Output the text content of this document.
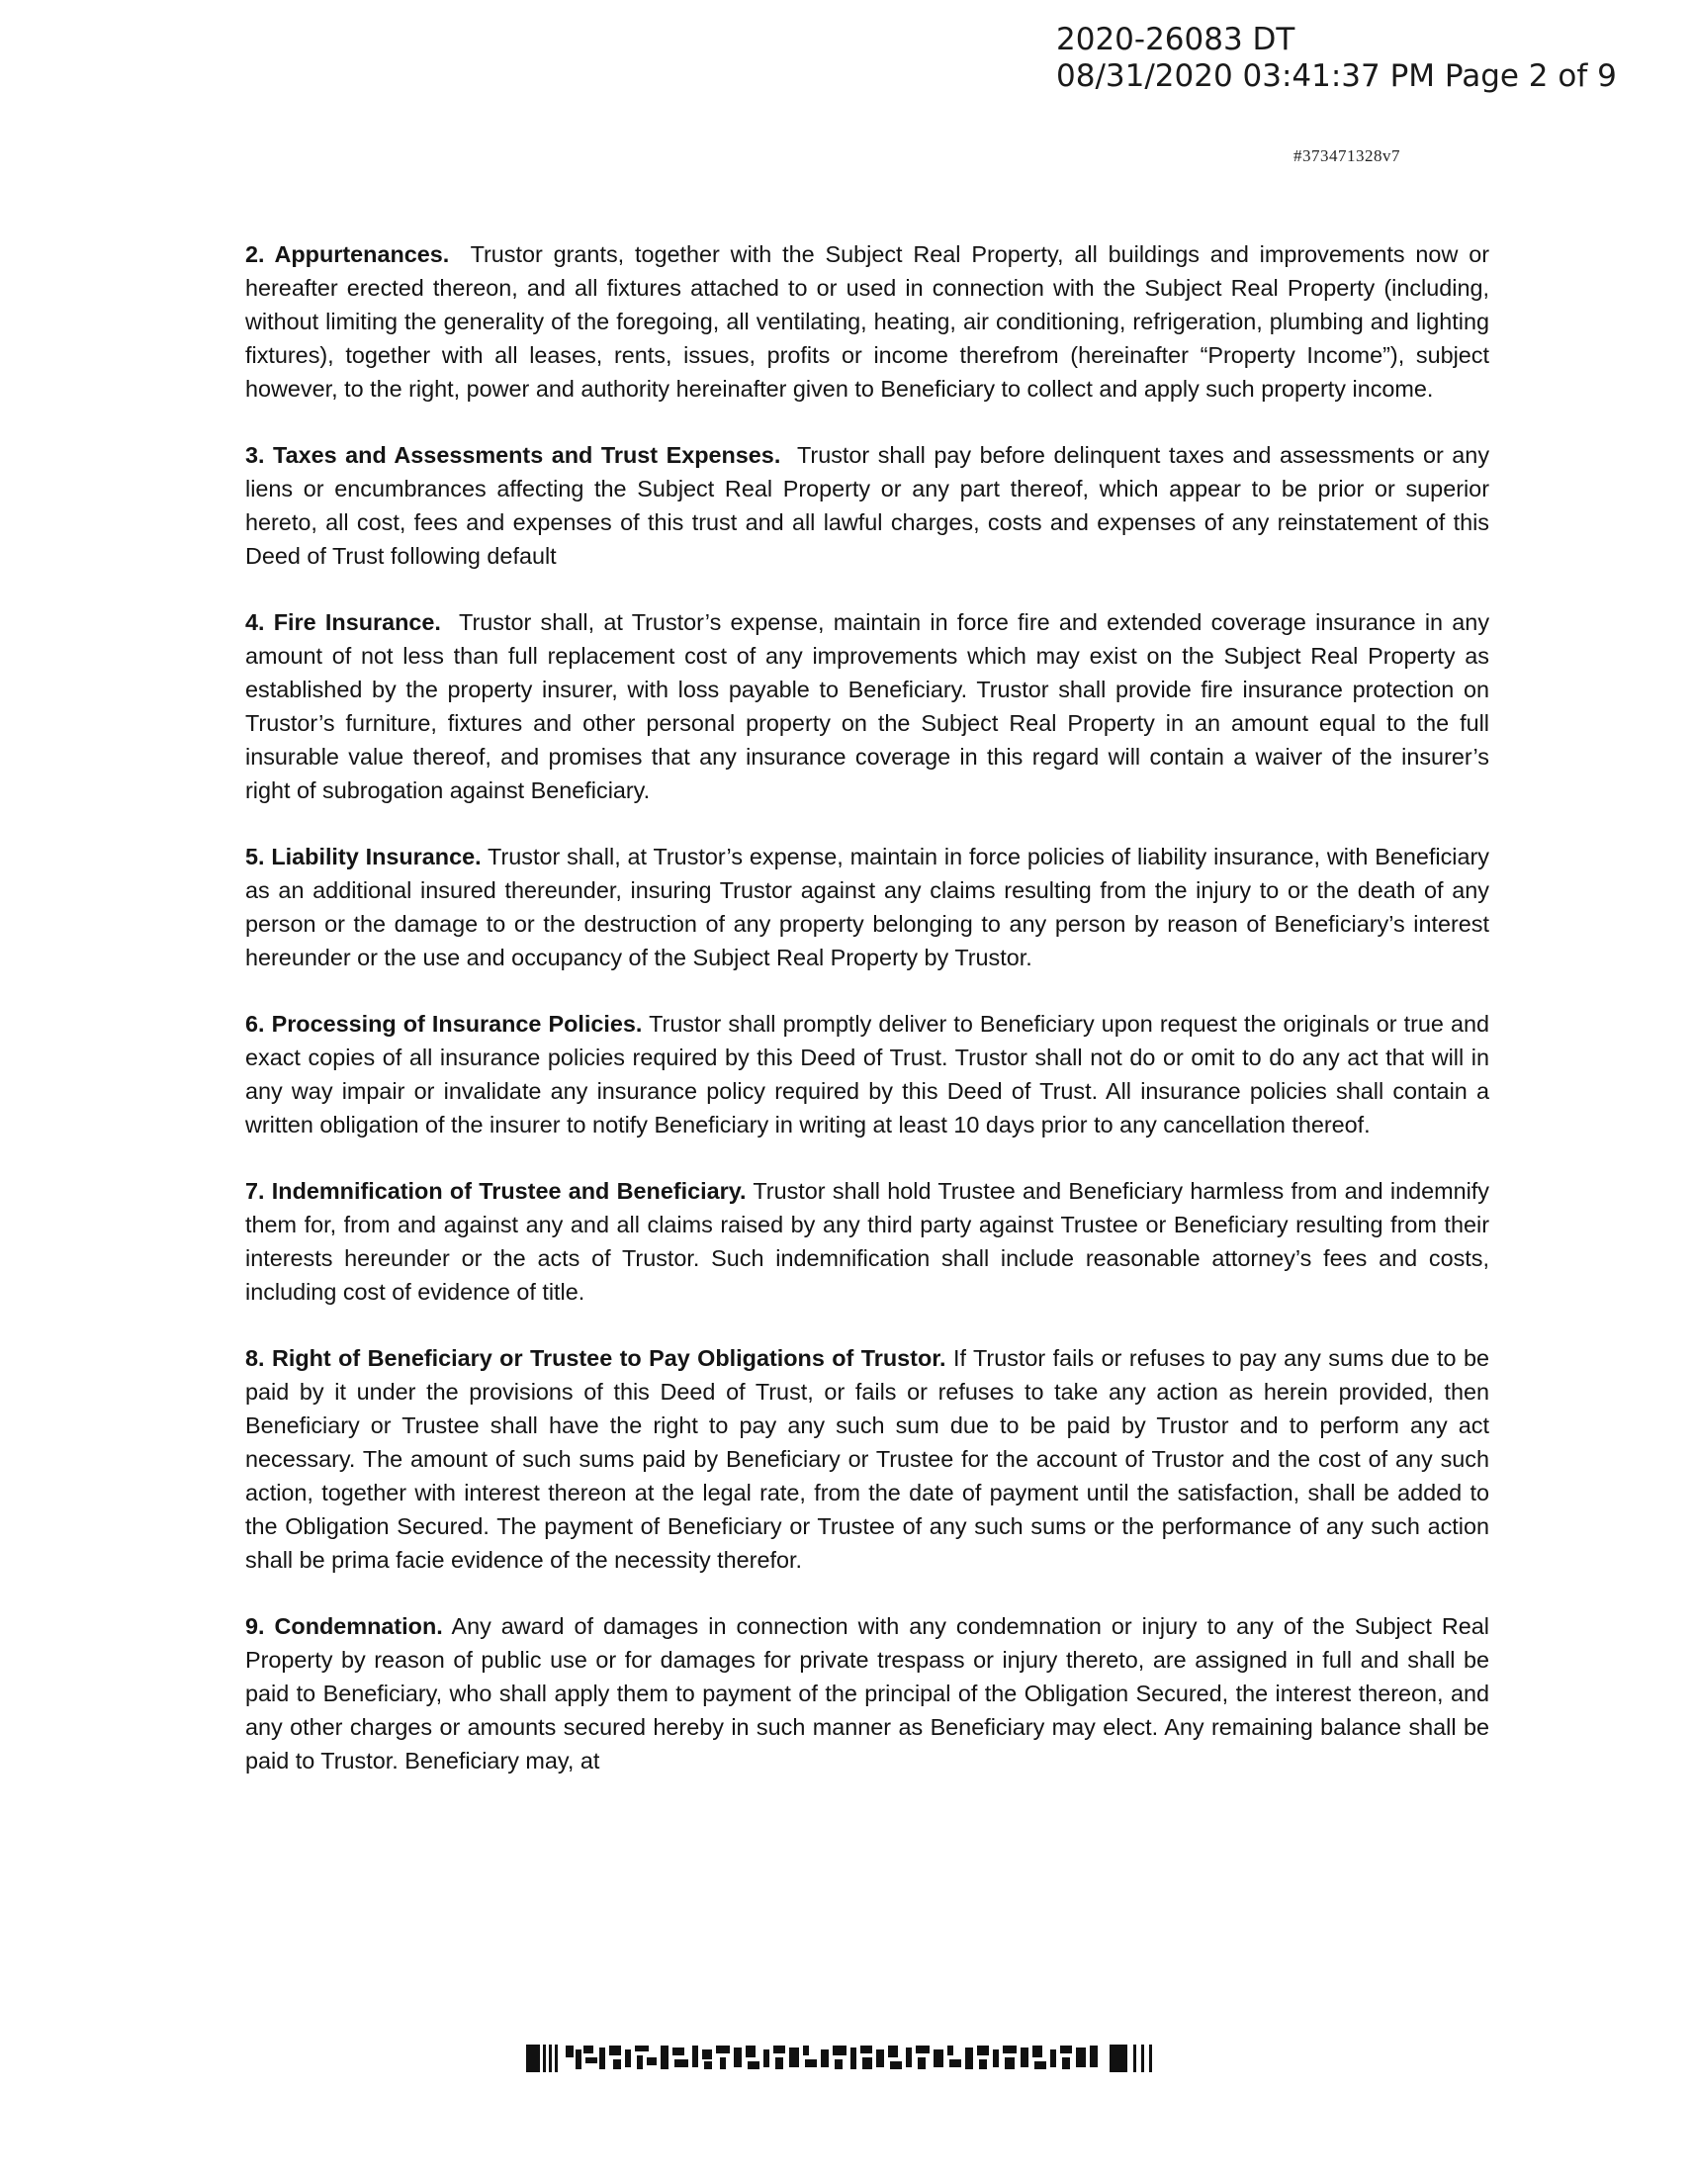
2020-26083 DT
08/31/2020 03:41:37 PM Page 2 of 9
#373471328v7

2. Appurtenances. Trustor grants, together with the Subject Real Property, all buildings and improvements now or hereafter erected thereon, and all fixtures attached to or used in connection with the Subject Real Property (including, without limiting the generality of the foregoing, all ventilating, heating, air conditioning, refrigeration, plumbing and lighting fixtures), together with all leases, rents, issues, profits or income therefrom (hereinafter “Property Income”), subject however, to the right, power and authority hereinafter given to Beneficiary to collect and apply such property income.

3. Taxes and Assessments and Trust Expenses. Trustor shall pay before delinquent taxes and assessments or any liens or encumbrances affecting the Subject Real Property or any part thereof, which appear to be prior or superior hereto, all cost, fees and expenses of this trust and all lawful charges, costs and expenses of any reinstatement of this Deed of Trust following default

4. Fire Insurance. Trustor shall, at Trustor’s expense, maintain in force fire and extended coverage insurance in any amount of not less than full replacement cost of any improvements which may exist on the Subject Real Property as established by the property insurer, with loss payable to Beneficiary. Trustor shall provide fire insurance protection on Trustor’s furniture, fixtures and other personal property on the Subject Real Property in an amount equal to the full insurable value thereof, and promises that any insurance coverage in this regard will contain a waiver of the insurer’s right of subrogation against Beneficiary.

5. Liability Insurance. Trustor shall, at Trustor’s expense, maintain in force policies of liability insurance, with Beneficiary as an additional insured thereunder, insuring Trustor against any claims resulting from the injury to or the death of any person or the damage to or the destruction of any property belonging to any person by reason of Beneficiary’s interest hereunder or the use and occupancy of the Subject Real Property by Trustor.

6. Processing of Insurance Policies. Trustor shall promptly deliver to Beneficiary upon request the originals or true and exact copies of all insurance policies required by this Deed of Trust. Trustor shall not do or omit to do any act that will in any way impair or invalidate any insurance policy required by this Deed of Trust. All insurance policies shall contain a written obligation of the insurer to notify Beneficiary in writing at least 10 days prior to any cancellation thereof.

7. Indemnification of Trustee and Beneficiary. Trustor shall hold Trustee and Beneficiary harmless from and indemnify them for, from and against any and all claims raised by any third party against Trustee or Beneficiary resulting from their interests hereunder or the acts of Trustor. Such indemnification shall include reasonable attorney’s fees and costs, including cost of evidence of title.

8. Right of Beneficiary or Trustee to Pay Obligations of Trustor. If Trustor fails or refuses to pay any sums due to be paid by it under the provisions of this Deed of Trust, or fails or refuses to take any action as herein provided, then Beneficiary or Trustee shall have the right to pay any such sum due to be paid by Trustor and to perform any act necessary. The amount of such sums paid by Beneficiary or Trustee for the account of Trustor and the cost of any such action, together with interest thereon at the legal rate, from the date of payment until the satisfaction, shall be added to the Obligation Secured. The payment of Beneficiary or Trustee of any such sums or the performance of any such action shall be prima facie evidence of the necessity therefor.

9. Condemnation. Any award of damages in connection with any condemnation or injury to any of the Subject Real Property by reason of public use or for damages for private trespass or injury thereto, are assigned in full and shall be paid to Beneficiary, who shall apply them to payment of the principal of the Obligation Secured, the interest thereon, and any other charges or amounts secured hereby in such manner as Beneficiary may elect. Any remaining balance shall be paid to Trustor. Beneficiary may, at
